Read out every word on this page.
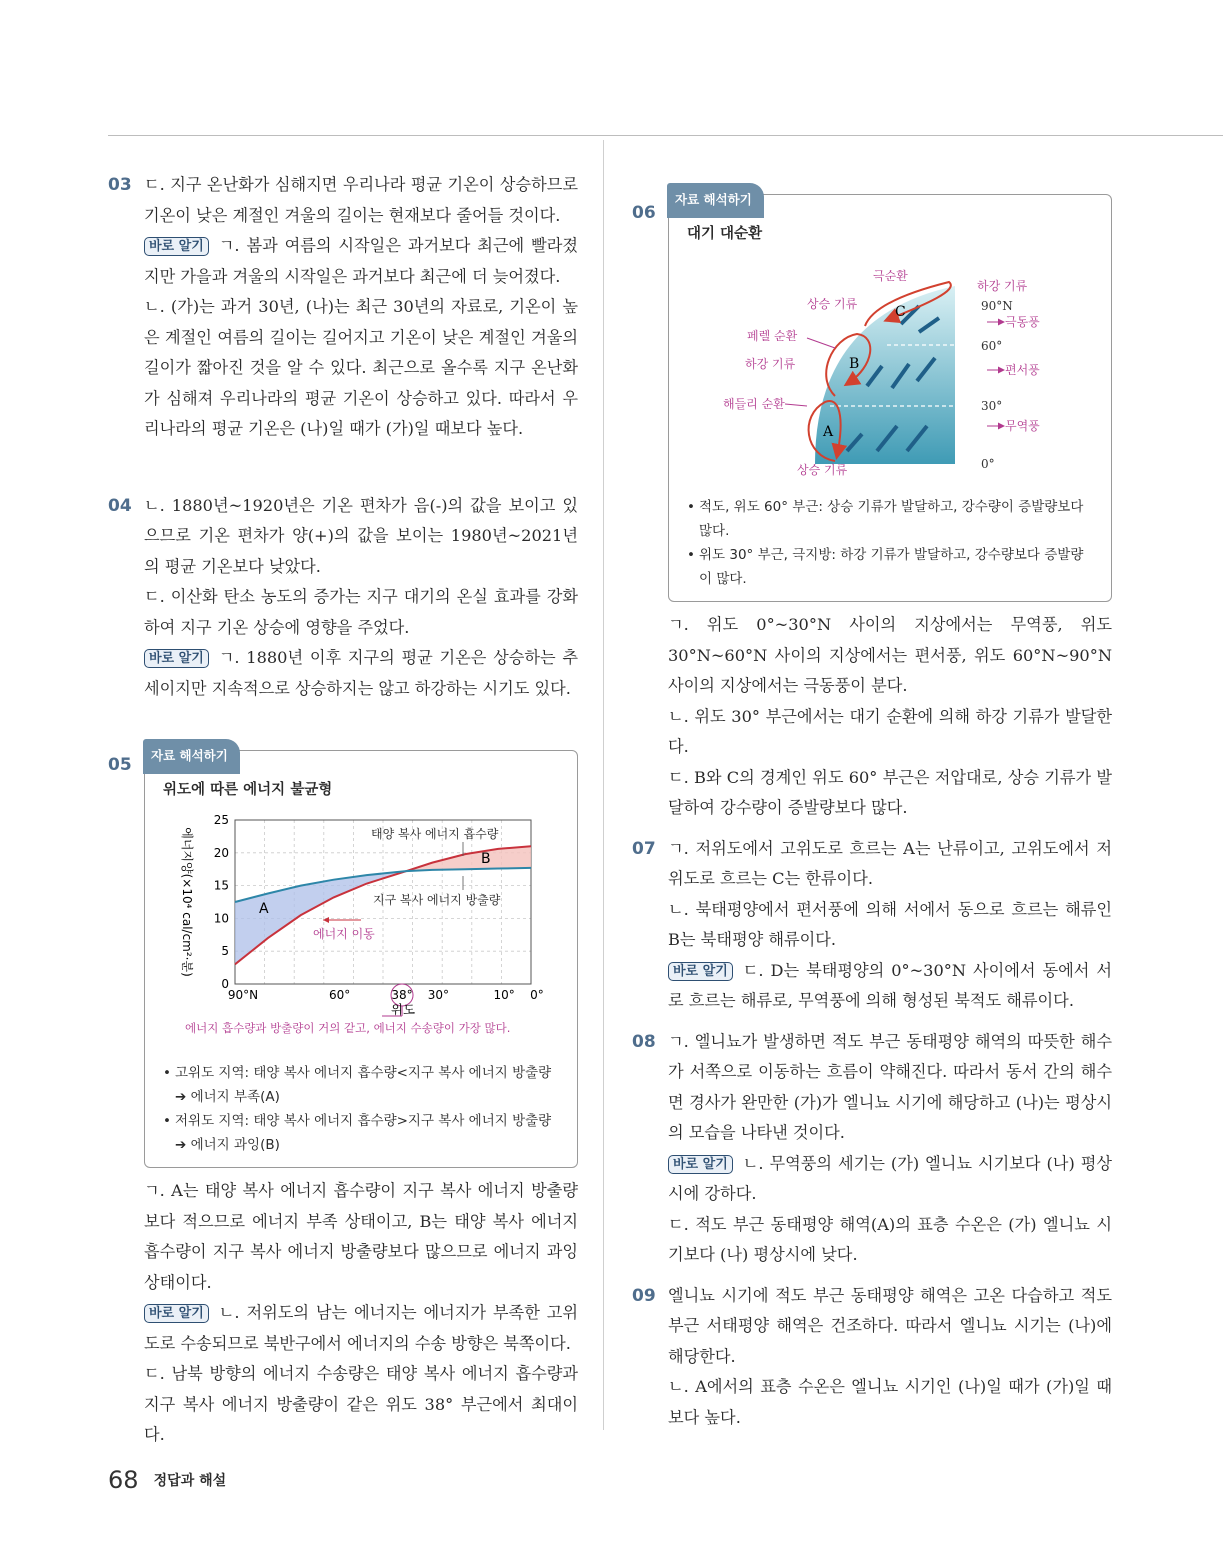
03 ㄷ. 지구 온난화가 심해지면 우리나라 평균 기온이 상승하므로 기온이 낮은 계절인 겨울의 길이는 현재보다 줄어들 것이다.

바로 알기 ㄱ. 봄과 여름의 시작일은 과거보다 최근에 빨라졌지만 가을과 겨울의 시작일은 과거보다 최근에 더 늦어졌다.

ㄴ. (가)는 과거 30년, (나)는 최근 30년의 자료로, 기온이 높은 계절인 여름의 길이는 길어지고 기온이 낮은 계절인 겨울의 길이가 짧아진 것을 알 수 있다. 최근으로 올수록 지구 온난화가 심해져 우리나라의 평균 기온이 상승하고 있다. 따라서 우리나라의 평균 기온은 (나)일 때가 (가)일 때보다 높다.

04 ㄴ. 1880년~1920년은 기온 편차가 음(-)의 값을 보이고 있으므로 기온 편차가 양(+)의 값을 보이는 1980년~2021년의 평균 기온보다 낮았다.

ㄷ. 이산화 탄소 농도의 증가는 지구 대기의 온실 효과를 강화하여 지구 기온 상승에 영향을 주었다.

바로 알기 ㄱ. 1880년 이후 지구의 평균 기온은 상승하는 추세이지만 지속적으로 상승하지는 않고 하강하는 시기도 있다.

05	자료 해석하기
위도에 따른 에너지 불균형
태양 복사 에너지 흡수량
지구 복사 에너지 방출량
A
B
에너지 이동
0
5
10
15
20
25
90°N	60°	38° 30°	10° 0°
위도
에너지양(×10⁴ cal/cm²·분)
에너지 흡수량과 방출량이 거의 같고, 에너지 수송량이 가장 많다.
• 고위도 지역: 태양 복사 에너지 흡수량<지구 복사 에너지 방출량 ➔ 에너지 부족(A)
• 저위도 지역: 태양 복사 에너지 흡수량>지구 복사 에너지 방출량 ➔ 에너지 과잉(B)

ㄱ. A는 태양 복사 에너지 흡수량이 지구 복사 에너지 방출량보다 적으므로 에너지 부족 상태이고, B는 태양 복사 에너지 흡수량이 지구 복사 에너지 방출량보다 많으므로 에너지 과잉 상태이다.

바로 알기 ㄴ. 저위도의 남는 에너지는 에너지가 부족한 고위도로 수송되므로 북반구에서 에너지의 수송 방향은 북쪽이다.

ㄷ. 남북 방향의 에너지 수송량은 태양 복사 에너지 흡수량과 지구 복사 에너지 방출량이 같은 위도 38° 부근에서 최대이다.

06
자료 해석하기
대기 대순환
A
B
C
극순환
상승 기류
페렐 순환
하강 기류
해들리 순환
상승 기류
하강 기류
극동풍
편서풍
무역풍
90°N
60°
30°
0°
• 적도, 위도 60° 부근: 상승 기류가 발달하고, 강수량이 증발량보다 많다.
• 위도 30° 부근, 극지방: 하강 기류가 발달하고, 강수량보다 증발량이 많다.

ㄱ. 위도 0°~30°N 사이의 지상에서는 무역풍, 위도 30°N~60°N 사이의 지상에서는 편서풍, 위도 60°N~90°N 사이의 지상에서는 극동풍이 분다.

ㄴ. 위도 30° 부근에서는 대기 순환에 의해 하강 기류가 발달한다.

ㄷ. B와 C의 경계인 위도 60° 부근은 저압대로, 상승 기류가 발달하여 강수량이 증발량보다 많다.

07 ㄱ. 저위도에서 고위도로 흐르는 A는 난류이고, 고위도에서 저위도로 흐르는 C는 한류이다.

ㄴ. 북태평양에서 편서풍에 의해 서에서 동으로 흐르는 해류인 B는 북태평양 해류이다.

바로 알기 ㄷ. D는 북태평양의 0°~30°N 사이에서 동에서 서로 흐르는 해류로, 무역풍에 의해 형성된 북적도 해류이다.

08 ㄱ. 엘니뇨가 발생하면 적도 부근 동태평양 해역의 따뜻한 해수가 서쪽으로 이동하는 흐름이 약해진다. 따라서 동서 간의 해수면 경사가 완만한 (가)가 엘니뇨 시기에 해당하고 (나)는 평상시의 모습을 나타낸 것이다.

바로 알기 ㄴ. 무역풍의 세기는 (가) 엘니뇨 시기보다 (나) 평상시에 강하다.

ㄷ. 적도 부근 동태평양 해역(A)의 표층 수온은 (가) 엘니뇨 시기보다 (나) 평상시에 낮다.

09 엘니뇨 시기에 적도 부근 동태평양 해역은 고온 다습하고 적도 부근 서태평양 해역은 건조하다. 따라서 엘니뇨 시기는 (나)에 해당한다.

ㄴ. A에서의 표층 수온은 엘니뇨 시기인 (나)일 때가 (가)일 때보다 높다.

68 정답과 해설
